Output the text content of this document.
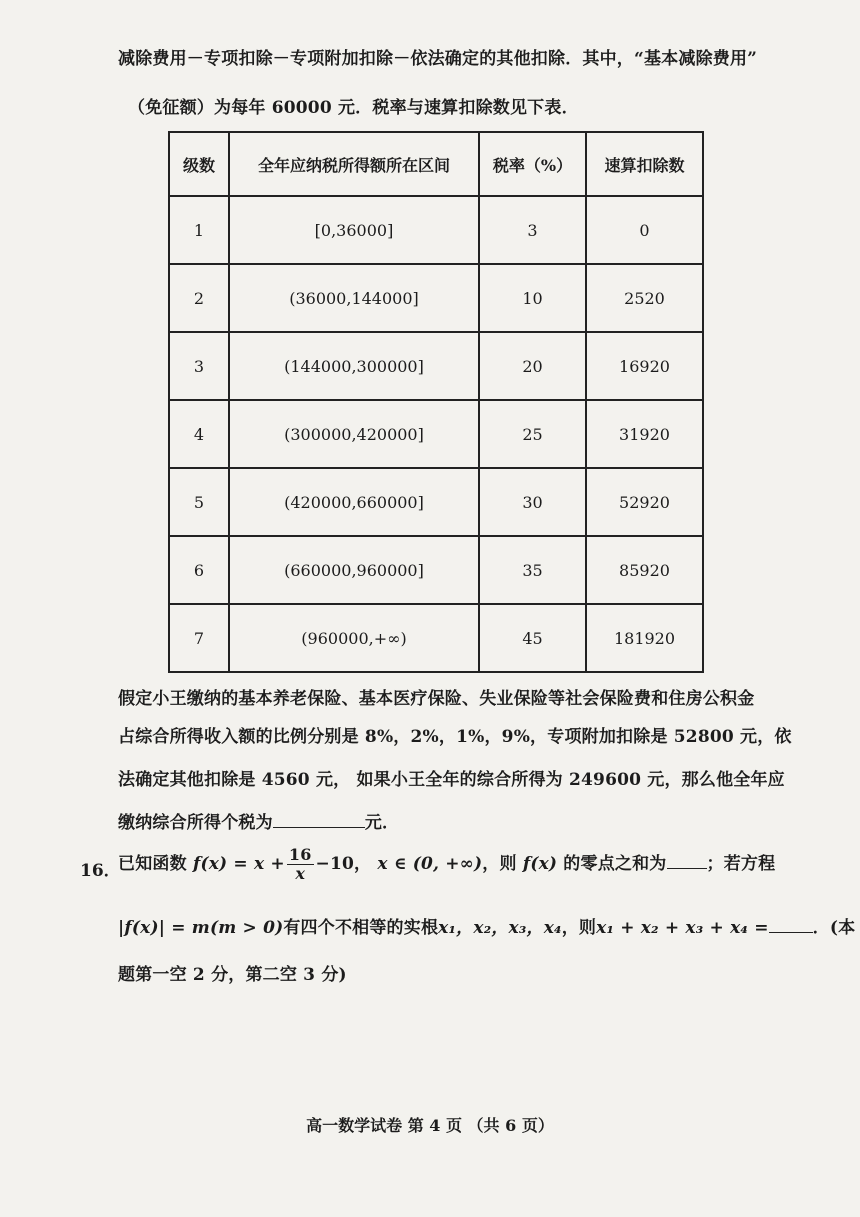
减除费用－专项扣除－专项附加扣除－依法确定的其他扣除．其中，“基本减除费用”
（免征额）为每年 60000 元．税率与速算扣除数见下表．
级数	全年应纳税所得额所在区间	税率（%）	速算扣除数
1	[0,36000]	3	0
2	(36000,144000]	10	2520
3	(144000,300000]	20	16920
4	(300000,420000]	25	31920
5	(420000,660000]	30	52920
6	(660000,960000]	35	85920
7	(960000,+∞)	45	181920
假定小王缴纳的基本养老保险、基本医疗保险、失业保险等社会保险费和住房公积金
占综合所得收入额的比例分别是 8%，2%，1%，9%，专项附加扣除是 52800 元，依
法确定其他扣除是 4560 元， 如果小王全年的综合所得为 249600 元，那么他全年应
缴纳综合所得个税为	元．
16．
已知函数 $f(x) = x + \frac{16}{x} -10$， x ∈ (0, +∞)，则 f(x) 的零点之和为 ；若方程
|f(x)| = m(m > 0)有四个不相等的实根x₁，x₂，x₃，x₄，则x₁ + x₂ + x₃ + x₄ =	．(本
题第一空 2 分，第二空 3 分)
高一数学试卷 第 4 页 （共 6 页）
